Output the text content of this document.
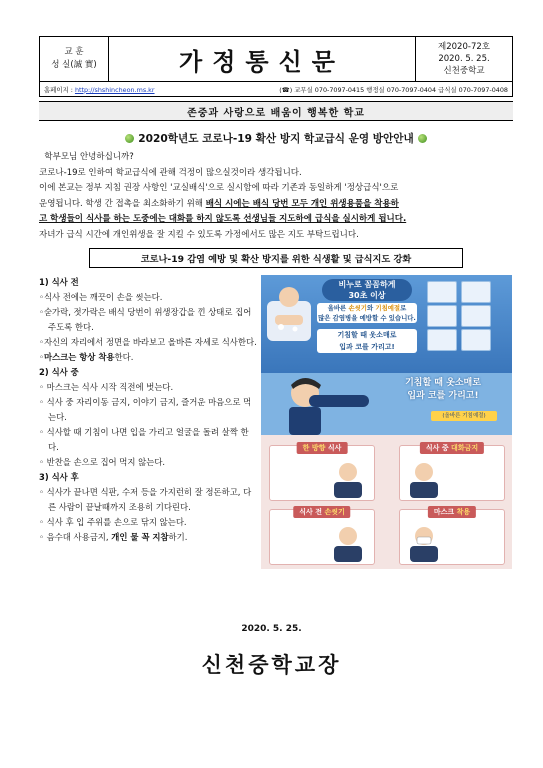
교 훈
성 실(誠 實)	가정통신문	제2020-72호
2020. 5. 25.
신천중학교
홈페이지 : http://shshincheon.ms.kr	(☎) 교무실 070-7097-0415 행정실 070-7097-0404 급식실 070-7097-0408
존중과 사랑으로 배움이 행복한 학교
2020학년도 코로나-19 확산 방지 학교급식 운영 방안안내

학부모님 안녕하십니까?

코로나-19로 인하여 학교급식에 관해 걱정이 많으실것이라 생각됩니다.

이에 본교는 정부 지침 권장 사항인 '교실배식'으로 실시함에 따라 기존과 동일하게 '정상급식'으로

운영됩니다. 학생 간 접촉을 최소화하기 위해 배식 시에는 배식 당번 모두 개인 위생용품을 착용하

고 학생들이 식사를 하는 도중에는 대화를 하지 않도록 선생님들 지도하에 급식을 실시하게 됩니다.

자녀가 급식 시간에 개인위생을 잘 지킬 수 있도록 가정에서도 많은 지도 부탁드립니다.

코로나-19 감염 예방 및 확산 방지를 위한 식생활 및 급식지도 강화
1) 식사 전
◦식사 전에는 깨끗이 손을 씻는다.
◦숟가락, 젓가락은 배식 당번이 위생장갑을 낀 상태로 집어주도록 한다.
◦자신의 자리에서 정면을 바라보고 올바른 자세로 식사한다.
◦마스크는 항상 착용한다.
2) 식사 중
◦ 마스크는 식사 시작 직전에 벗는다.
◦ 식사 중 자리이동 금지, 이야기 금지, 즐거운 마음으로 먹는다.
◦ 식사할 때 기침이 나면 입을 가리고 얼굴을 돌려 살짝 한다.
◦ 반찬을 손으로 집어 먹지 않는다.
3) 식사 후
◦ 식사가 끝나면 식판, 수저 등을 가지런히 잘 정돈하고, 다른 사람이 끝날때까지 조용히 기다린다.
◦ 식사 후 입 주위를 손으로 닦지 않는다.
◦ 음수대 사용금지, 개인 물 꼭 지참하기.
비누로 꼼꼼하게
30초 이상
올바른 손씻기와 기침예절로
많은 감염병을 예방할 수 있습니다.
기침할 때 옷소매로
입과 코를 가리고!
기침할 때 옷소매로
입과 코를 가리고!
(올바른 기침예절)
한 방향 식사	식사 중 대화금지
식사 전 손씻기	마스크 착용
2020. 5. 25.
신천중학교장
